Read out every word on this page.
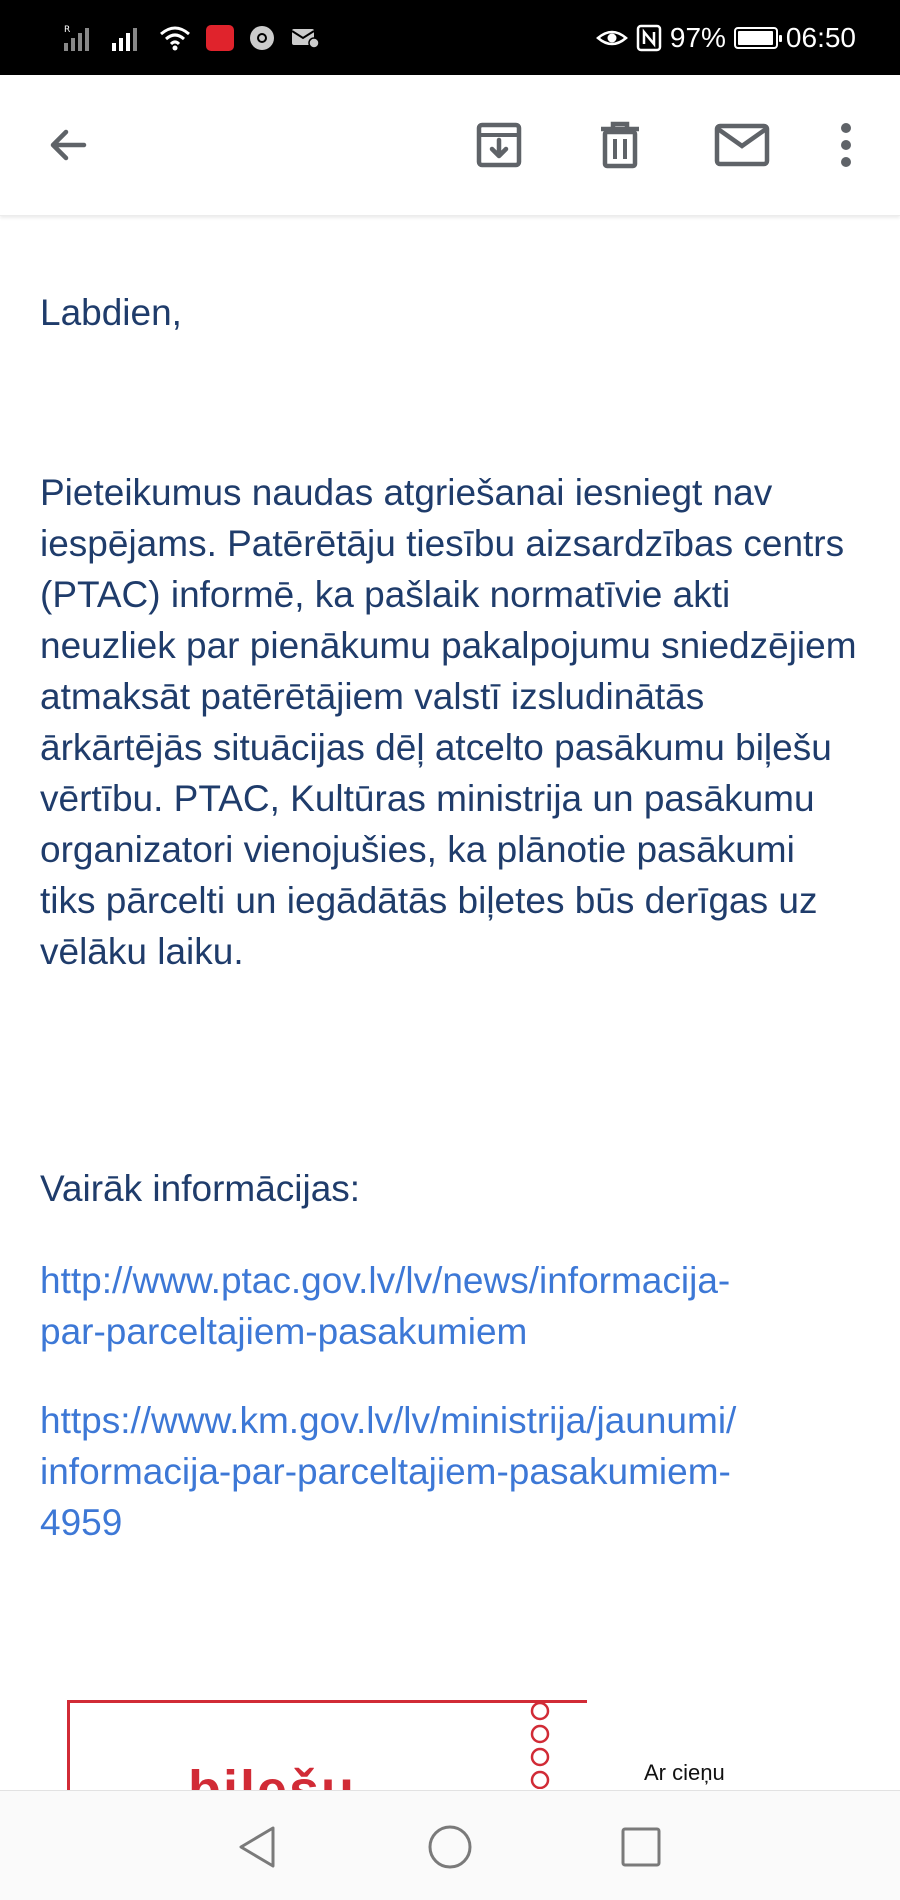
R	97% 06:50
Labdien,
Pieteikumus naudas atgriešanai iesniegt nav iespējams. Patērētāju tiesību aizsardzības centrs (PTAC) informē, ka pašlaik normatīvie akti neuzliek par pienākumu pakalpojumu sniedzējiem atmaksāt patērētājiem valstī izsludinātās ārkārtējās situācijas dēļ atcelto pasākumu biļešu vērtību. PTAC, Kultūras ministrija un pasākumu organizatori vienojušies, ka plānotie pasākumi tiks pārcelti un iegādātās biļetes būs derīgas uz vēlāku laiku.
Vairāk informācijas:
http://www.ptac.gov.lv/lv/news/informacija-
par-parceltajiem-pasakumiem
https://www.km.gov.lv/lv/ministrija/jaunumi/
informacija-par-parceltajiem-pasakumiem-
4959
Ar cieņu
